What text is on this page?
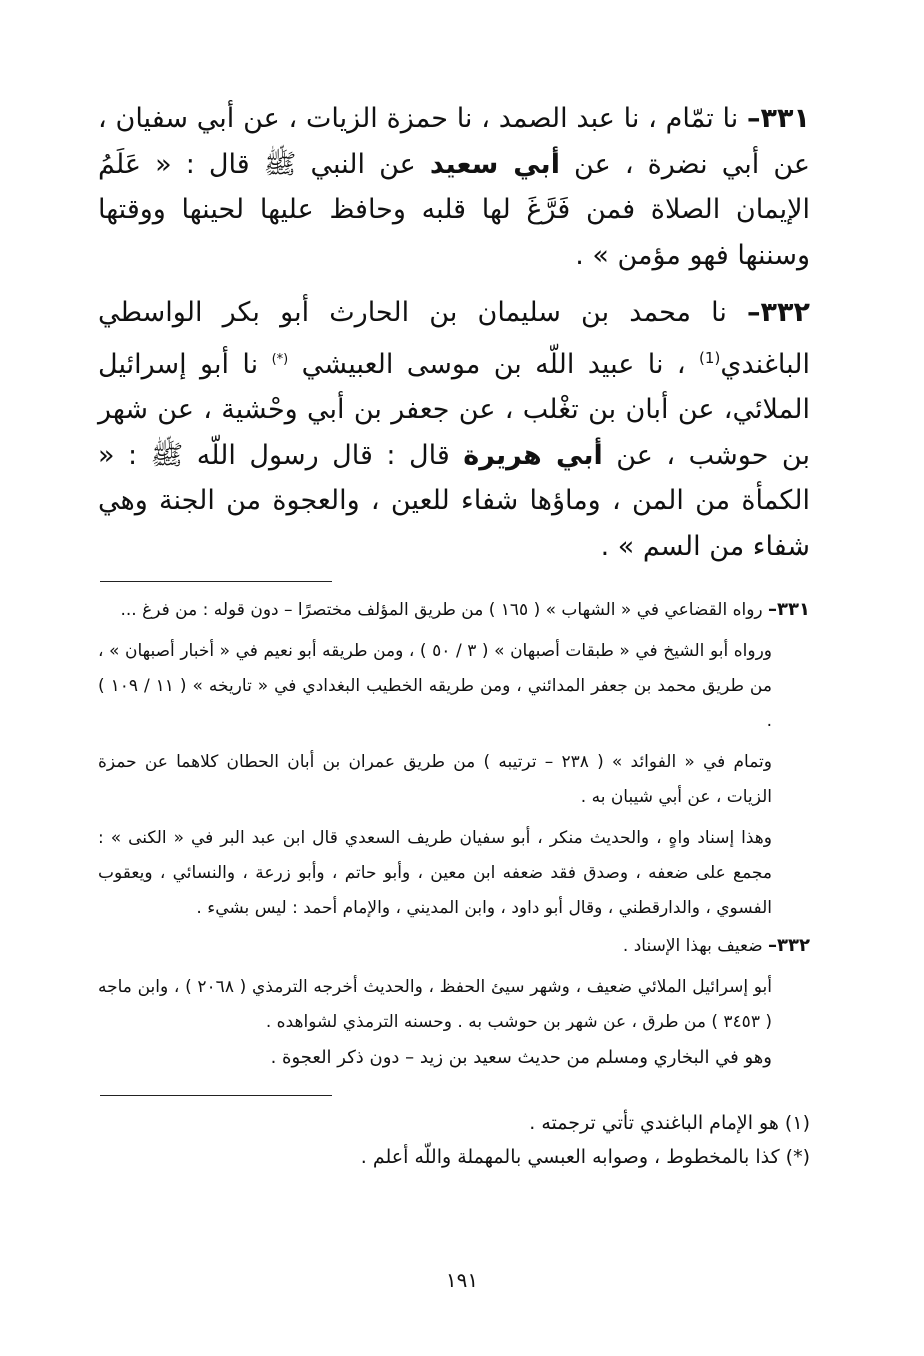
٣٣١– نا تمّام ، نا عبد الصمد ، نا حمزة الزيات ، عن أبي سفيان ، عن أبي نضرة ، عن أبي سعيد عن النبي ﷺ قال : « عَلَمُ الإيمان الصلاة فمن فَرَّغَ لها قلبه وحافظ عليها لحينها ووقتها وسننها فهو مؤمن » .

٣٣٢– نا محمد بن سليمان بن الحارث أبو بكر الواسطي الباغندي$^{(1)}$ ، نا عبيد اللّه بن موسى العبيشي (*) نا أبو إسرائيل الملائي، عن أبان بن تغْلب ، عن جعفر بن أبي وحْشية ، عن شهر بن حوشب ، عن أبي هريرة قال : قال رسول اللّه ﷺ : « الكمأة من المن ، وماؤها شفاء للعين ، والعجوة من الجنة وهي شفاء من السم » .

٣٣١– رواه القضاعي في « الشهاب » ( ١٦٥ ) من طريق المؤلف مختصرًا – دون قوله : من فرغ ...

ورواه أبو الشيخ في « طبقات أصبهان » ( ٣ / ٥٠ ) ، ومن طريقه أبو نعيم في « أخبار أصبهان » ، من طريق محمد بن جعفر المدائني ، ومن طريقه الخطيب البغدادي في « تاريخه » ( ١١ / ١٠٩ ) .

وتمام في « الفوائد » ( ٢٣٨ – ترتيبه ) من طريق عمران بن أبان الحطان كلاهما عن حمزة الزيات ، عن أبي شيبان به .

وهذا إسناد واهٍ ، والحديث منكر ، أبو سفيان طريف السعدي قال ابن عبد البر في « الكنى » : مجمع على ضعفه ، وصدق فقد ضعفه ابن معين ، وأبو حاتم ، وأبو زرعة ، والنسائي ، ويعقوب الفسوي ، والدارقطني ، وقال أبو داود ، وابن المديني ، والإمام أحمد : ليس بشيء .

٣٣٢– ضعيف بهذا الإسناد .

أبو إسرائيل الملائي ضعيف ، وشهر سيئ الحفظ ، والحديث أخرجه الترمذي ( ٢٠٦٨ ) ، وابن ماجه ( ٣٤٥٣ ) من طرق ، عن شهر بن حوشب به . وحسنه الترمذي لشواهده .

وهو في البخاري ومسلم من حديث سعيد بن زيد – دون ذكر العجوة .

(١) هو الإمام الباغندي تأتي ترجمته .

(*) كذا بالمخطوط ، وصوابه العبسي بالمهملة واللّه أعلم .

١٩١
